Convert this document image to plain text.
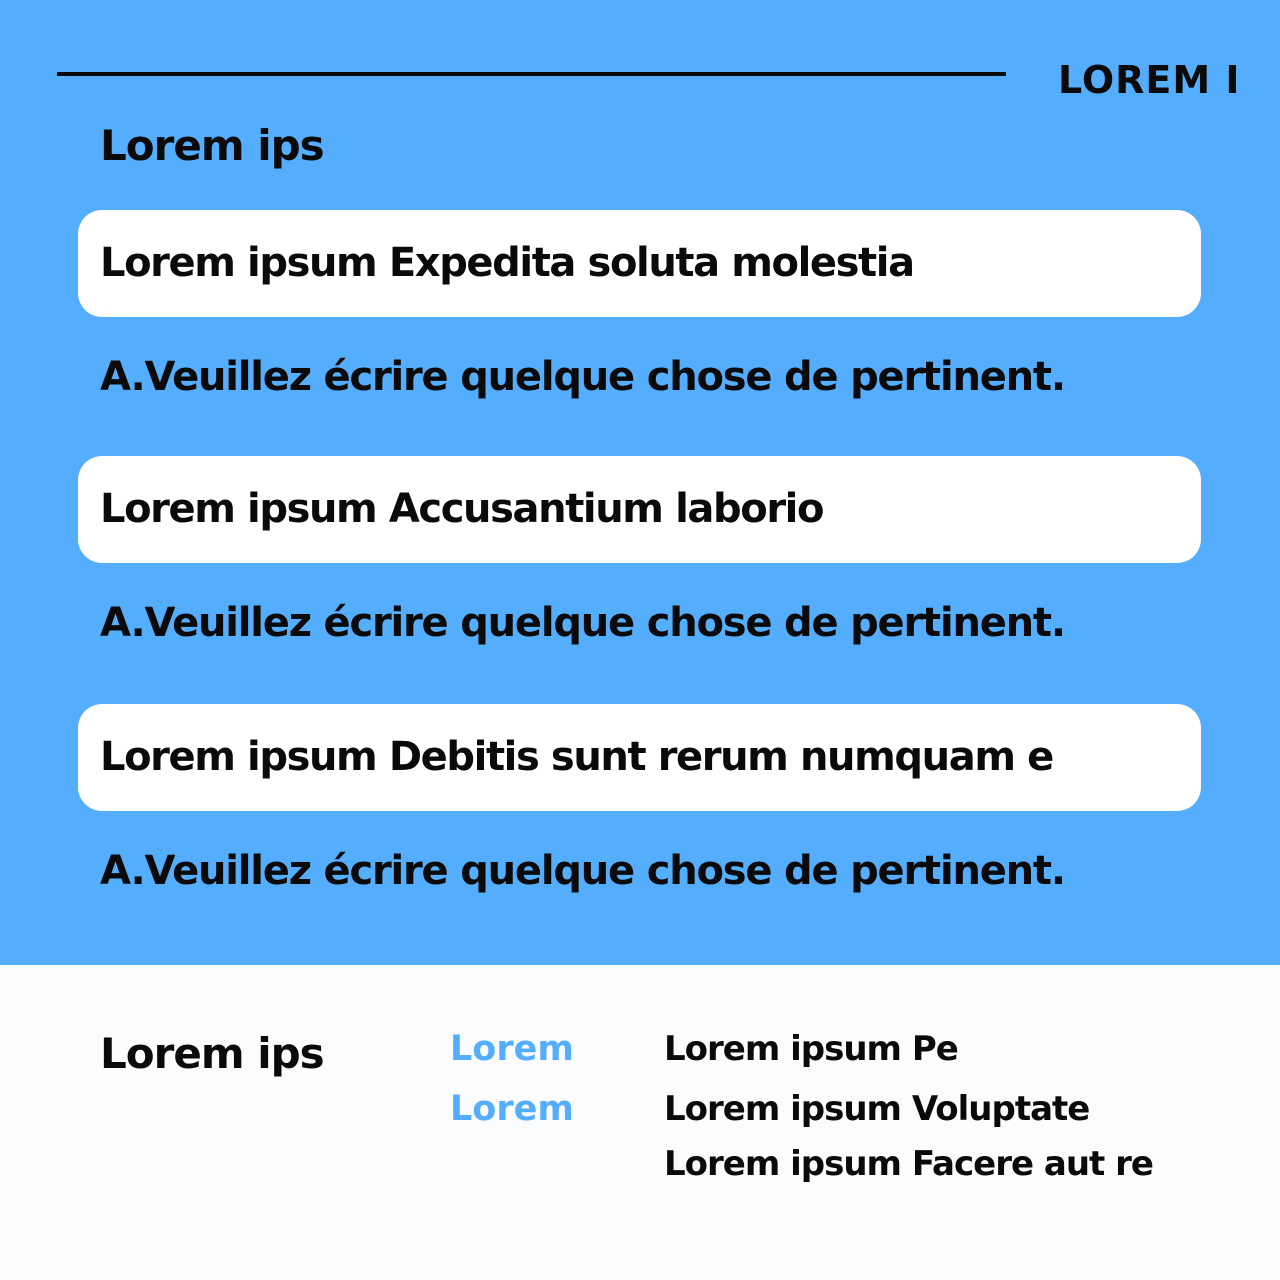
LOREM I
Lorem ips
Lorem ipsum Expedita soluta molestia
A.Veuillez écrire quelque chose de pertinent.
Lorem ipsum Accusantium laborio
A.Veuillez écrire quelque chose de pertinent.
Lorem ipsum Debitis sunt rerum numquam e
A.Veuillez écrire quelque chose de pertinent.
Lorem ips	Lorem
Lorem
Lorem ipsum Pe
Lorem ipsum Voluptate
Lorem ipsum Facere aut re
